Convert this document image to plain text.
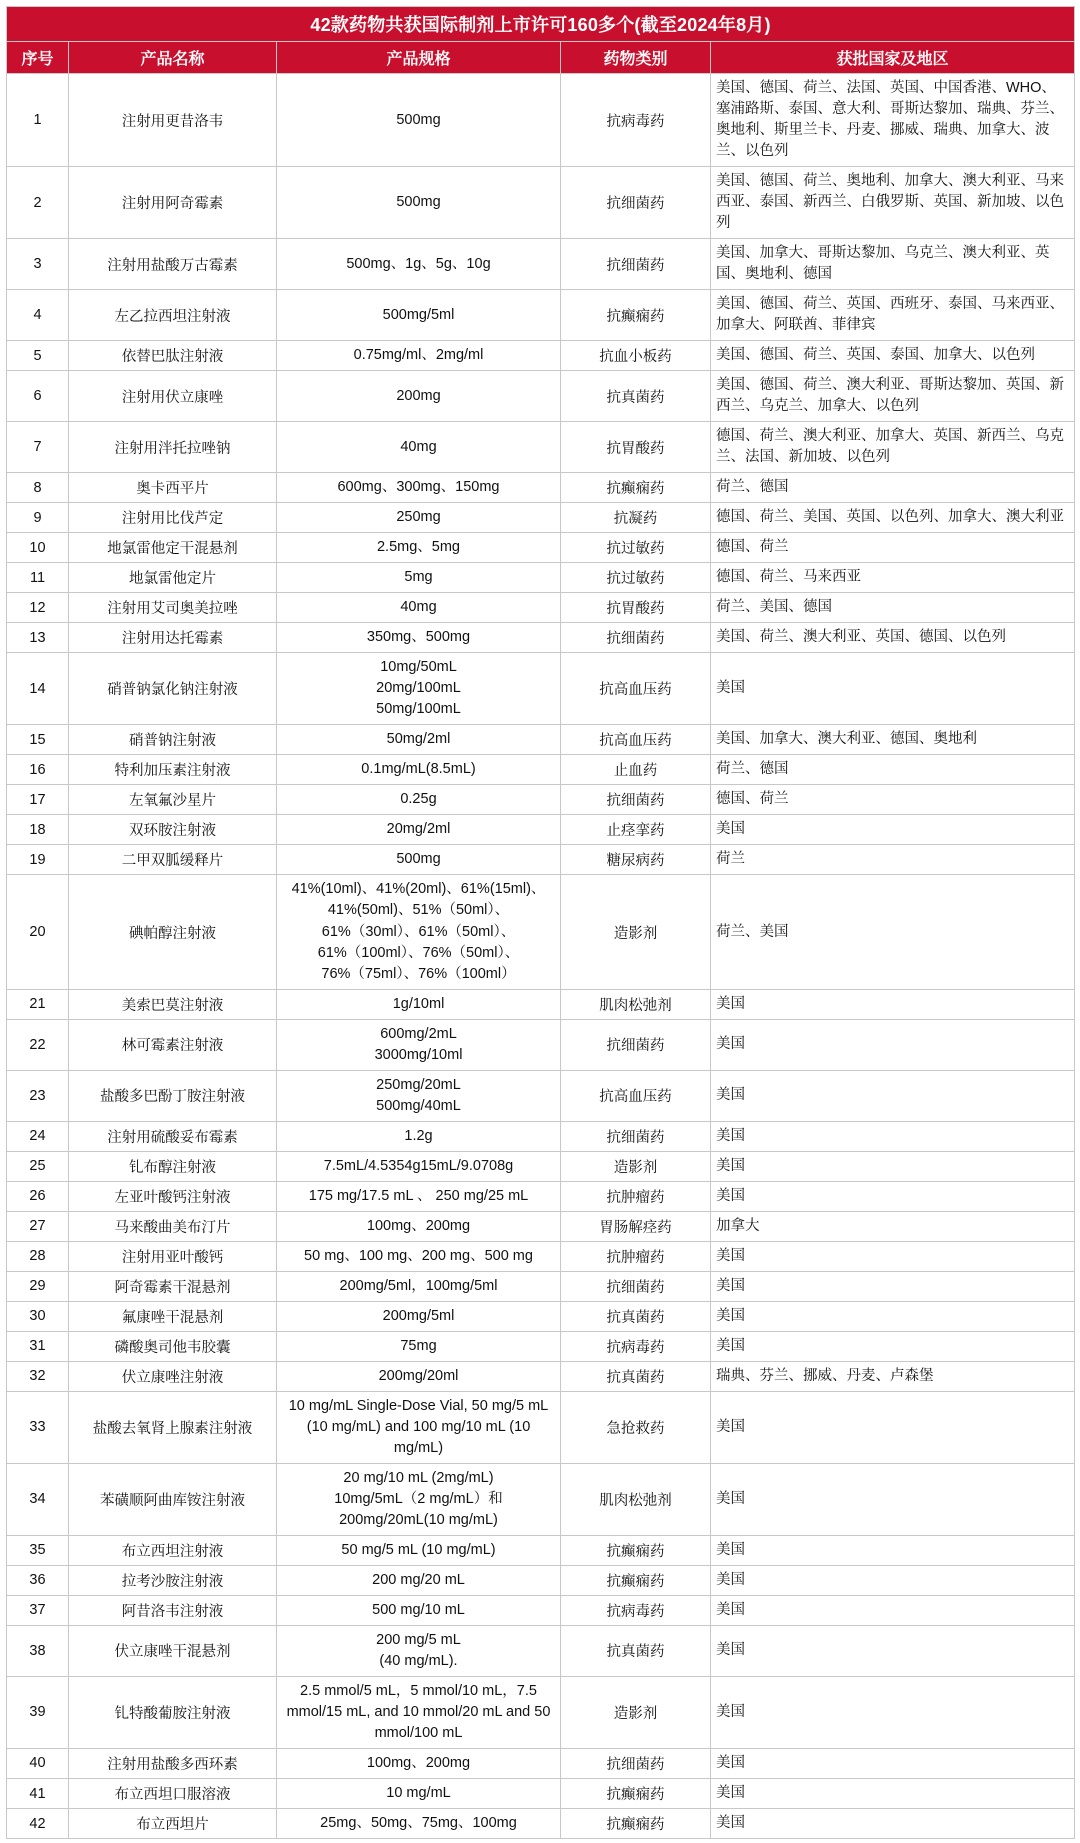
42款药物共获国际制剂上市许可160多个(截至2024年8月)				
序号	产品名称	产品规格	药物类别	获批国家及地区
1	注射用更昔洛韦	500mg	抗病毒药	美国、德国、荷兰、法国、英国、中国香港、WHO、塞浦路斯、泰国、意大利、哥斯达黎加、瑞典、芬兰、奥地利、斯里兰卡、丹麦、挪威、瑞典、加拿大、波兰、以色列
2	注射用阿奇霉素	500mg	抗细菌药	美国、德国、荷兰、奥地利、加拿大、澳大利亚、马来西亚、泰国、新西兰、白俄罗斯、英国、新加坡、以色列
3	注射用盐酸万古霉素	500mg、1g、5g、10g	抗细菌药	美国、加拿大、哥斯达黎加、乌克兰、澳大利亚、英国、奥地利、德国
4	左乙拉西坦注射液	500mg/5ml	抗癫痫药	美国、德国、荷兰、英国、西班牙、泰国、马来西亚、加拿大、阿联酋、菲律宾
5	依替巴肽注射液	0.75mg/ml、2mg/ml	抗血小板药	美国、德国、荷兰、英国、泰国、加拿大、以色列
6	注射用伏立康唑	200mg	抗真菌药	美国、德国、荷兰、澳大利亚、哥斯达黎加、英国、新西兰、乌克兰、加拿大、以色列
7	注射用泮托拉唑钠	40mg	抗胃酸药	德国、荷兰、澳大利亚、加拿大、英国、新西兰、乌克兰、法国、新加坡、以色列
8	奥卡西平片	600mg、300mg、150mg	抗癫痫药	荷兰、德国
9	注射用比伐芦定	250mg	抗凝药	德国、荷兰、美国、英国、以色列、加拿大、澳大利亚
10	地氯雷他定干混悬剂	2.5mg、5mg	抗过敏药	德国、荷兰
11	地氯雷他定片	5mg	抗过敏药	德国、荷兰、马来西亚
12	注射用艾司奥美拉唑	40mg	抗胃酸药	荷兰、美国、德国
13	注射用达托霉素	350mg、500mg	抗细菌药	美国、荷兰、澳大利亚、英国、德国、以色列
14	硝普钠氯化钠注射液	10mg/50mL
20mg/100mL
50mg/100mL	抗高血压药	美国
15	硝普钠注射液	50mg/2ml	抗高血压药	美国、加拿大、澳大利亚、德国、奥地利
16	特利加压素注射液	0.1mg/mL(8.5mL)	止血药	荷兰、德国
17	左氧氟沙星片	0.25g	抗细菌药	德国、荷兰
18	双环胺注射液	20mg/2ml	止痉挛药	美国
19	二甲双胍缓释片	500mg	糖尿病药	荷兰
20	碘帕醇注射液	41%(10ml)、41%(20ml)、61%(15ml)、41%(50ml)、51%（50ml）、61%（30ml）、61%（50ml）、61%（100ml）、76%（50ml）、76%（75ml）、76%（100ml）	造影剂	荷兰、美国
21	美索巴莫注射液	1g/10ml	肌肉松弛剂	美国
22	林可霉素注射液	600mg/2mL
3000mg/10ml	抗细菌药	美国
23	盐酸多巴酚丁胺注射液	250mg/20mL
500mg/40mL	抗高血压药	美国
24	注射用硫酸妥布霉素	1.2g	抗细菌药	美国
25	钆布醇注射液	7.5mL/4.5354g15mL/9.0708g	造影剂	美国
26	左亚叶酸钙注射液	175 mg/17.5 mL 、 250 mg/25 mL	抗肿瘤药	美国
27	马来酸曲美布汀片	100mg、200mg	胃肠解痉药	加拿大
28	注射用亚叶酸钙	50 mg、100 mg、200 mg、500 mg	抗肿瘤药	美国
29	阿奇霉素干混悬剂	200mg/5ml，100mg/5ml	抗细菌药	美国
30	氟康唑干混悬剂	200mg/5ml	抗真菌药	美国
31	磷酸奥司他韦胶囊	75mg	抗病毒药	美国
32	伏立康唑注射液	200mg/20ml	抗真菌药	瑞典、芬兰、挪威、丹麦、卢森堡
33	盐酸去氧肾上腺素注射液	10 mg/mL Single-Dose Vial, 50 mg/5 mL (10 mg/mL) and 100 mg/10 mL (10 mg/mL)	急抢救药	美国
34	苯磺顺阿曲库铵注射液	20 mg/10 mL (2mg/mL)
10mg/5mL（2 mg/mL）和
200mg/20mL(10 mg/mL)	肌肉松弛剂	美国
35	布立西坦注射液	50 mg/5 mL (10 mg/mL)	抗癫痫药	美国
36	拉考沙胺注射液	200 mg/20 mL	抗癫痫药	美国
37	阿昔洛韦注射液	500 mg/10 mL	抗病毒药	美国
38	伏立康唑干混悬剂	200 mg/5 mL
(40 mg/mL).	抗真菌药	美国
39	钆特酸葡胺注射液	2.5 mmol/5 mL，5 mmol/10 mL，7.5 mmol/15 mL, and 10 mmol/20 mL and 50 mmol/100 mL	造影剂	美国
40	注射用盐酸多西环素	100mg、200mg	抗细菌药	美国
41	布立西坦口服溶液	10 mg/mL	抗癫痫药	美国
42	布立西坦片	25mg、50mg、75mg、100mg	抗癫痫药	美国
